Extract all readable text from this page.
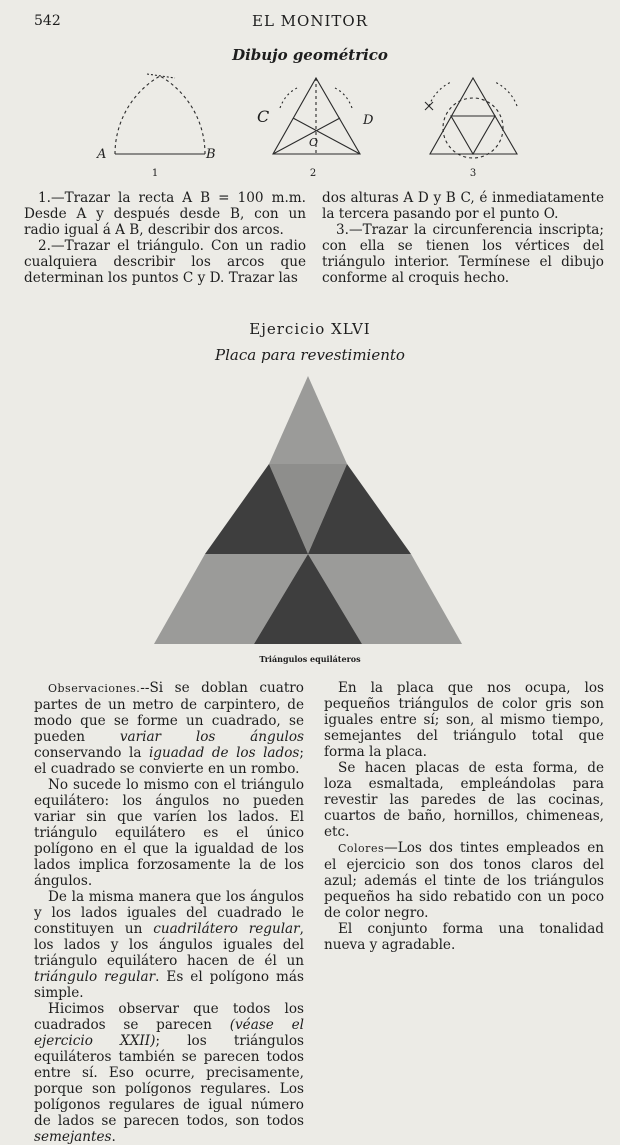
542	EL MONITOR
Dibujo geométrico
A	B
C	D
O
1	2	3

1.—Trazar la recta A B = 100 m.m. Desde A y después desde B, con un radio igual á A B, describir dos arcos.

2.—Trazar el triángulo. Con un radio cualquiera describir los arcos que determinan los puntos C y D. Trazar las

dos alturas A D y B C, é inmediatamente la tercera pasando por el punto O.

3.—Trazar la circunferencia inscripta; con ella se tienen los vértices del triángulo interior. Termínese el dibujo conforme al croquis hecho.

Ejercicio XLVI
Placa para revestimiento
Triángulos equiláteros

Observaciones.--Si se doblan cuatro partes de un metro de carpintero, de modo que se forme un cuadrado, se pueden variar los ángulos conservando la iguadad de los lados; el cuadrado se convierte en un rombo.

No sucede lo mismo con el triángulo equilátero: los ángulos no pueden variar sin que varíen los lados. El triángulo equilátero es el único polígono en el que la igualdad de los lados implica forzosamente la de los ángulos.

De la misma manera que los ángulos y los lados iguales del cuadrado le constituyen un cuadrilátero regular, los lados y los ángulos iguales del triángulo equilátero hacen de él un triángulo regular. Es el polígono más simple.

Hicimos observar que todos los cuadrados se parecen (véase el ejercicio XXII); los triángulos equiláteros también se parecen todos entre sí. Eso ocurre, precisamente, porque son polígonos regulares. Los polígonos regulares de igual número de lados se parecen todos, son todos semejantes.

En la placa que nos ocupa, los pequeños triángulos de color gris son iguales entre sí; son, al mismo tiempo, semejantes del triángulo total que forma la placa.

Se hacen placas de esta forma, de loza esmaltada, empleándolas para revestir las paredes de las cocinas, cuartos de baño, hornillos, chimeneas, etc.

Colores—Los dos tintes empleados en el ejercicio son dos tonos claros del azul; además el tinte de los triángulos pequeños ha sido rebatido con un poco de color negro.

El conjunto forma una tonalidad nueva y agradable.
